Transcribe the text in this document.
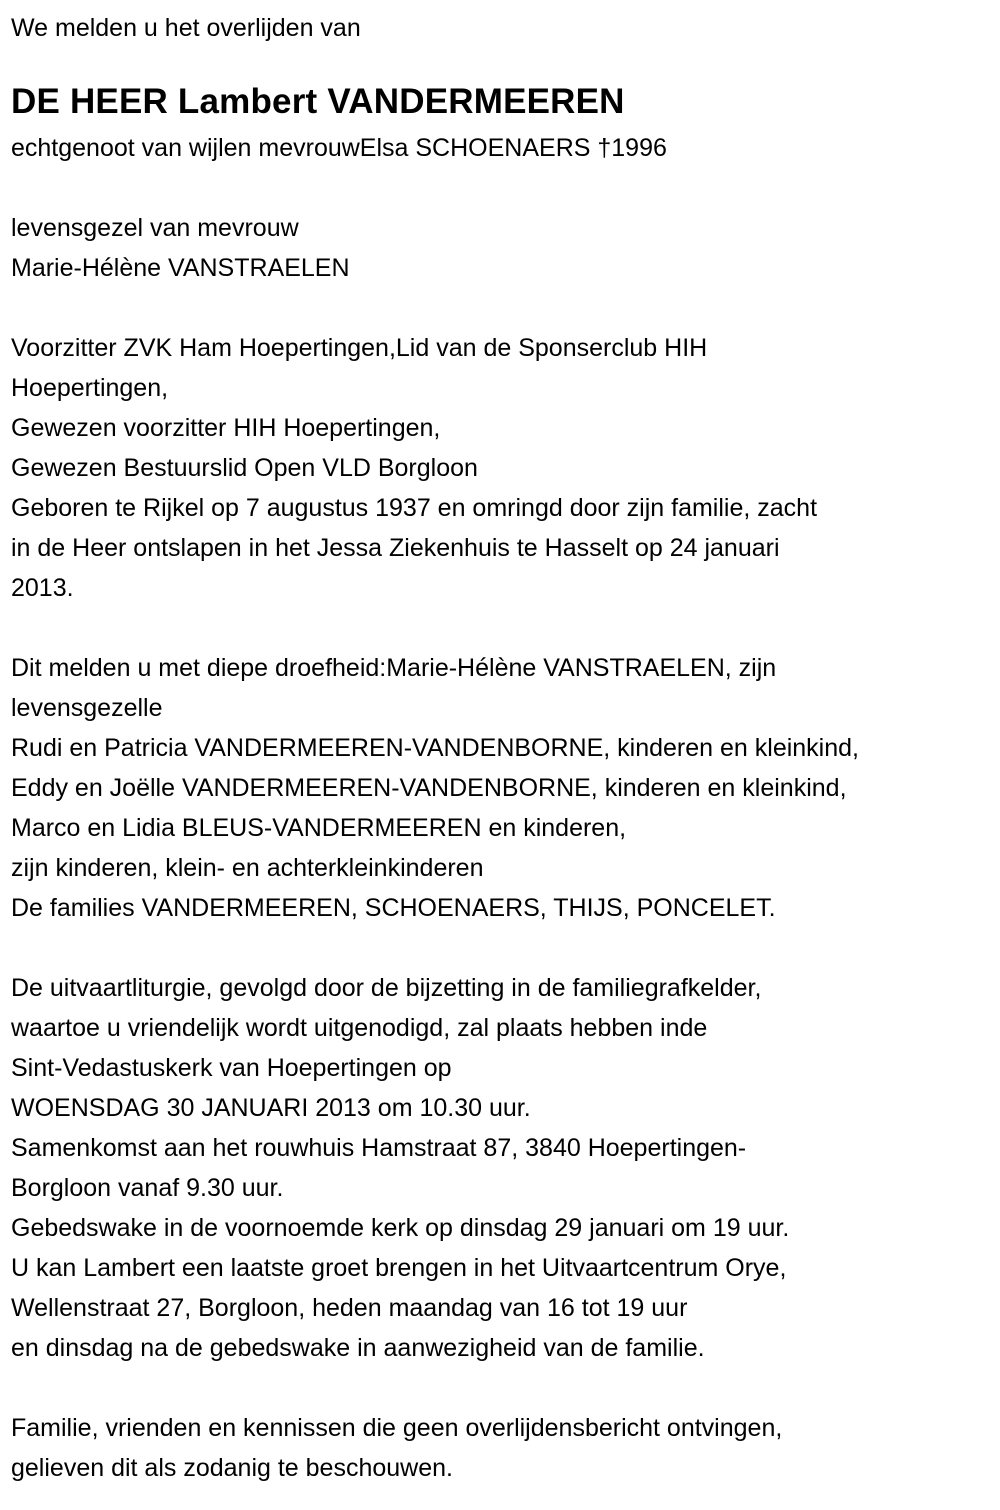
We melden u het overlijden van
DE HEER Lambert VANDERMEEREN
echtgenoot van wijlen mevrouwElsa SCHOENAERS †1996
levensgezel van mevrouw
Marie-Hélène VANSTRAELEN
Voorzitter ZVK Ham Hoepertingen,Lid van de Sponserclub HIH
Hoepertingen,
Gewezen voorzitter HIH Hoepertingen,
Gewezen Bestuurslid Open VLD Borgloon
Geboren te Rijkel op 7 augustus 1937 en omringd door zijn familie, zacht
in de Heer ontslapen in het Jessa Ziekenhuis te Hasselt op 24 januari
2013.
Dit melden u met diepe droefheid:Marie-Hélène VANSTRAELEN, zijn
levensgezelle
Rudi en Patricia VANDERMEEREN-VANDENBORNE, kinderen en kleinkind,
Eddy en Joëlle VANDERMEEREN-VANDENBORNE, kinderen en kleinkind,
Marco en Lidia BLEUS-VANDERMEEREN en kinderen,
zijn kinderen, klein- en achterkleinkinderen
De families VANDERMEEREN, SCHOENAERS, THIJS, PONCELET.
De uitvaartliturgie, gevolgd door de bijzetting in de familiegrafkelder,
waartoe u vriendelijk wordt uitgenodigd, zal plaats hebben inde
Sint-Vedastuskerk van Hoepertingen op
WOENSDAG 30 JANUARI 2013 om 10.30 uur.
Samenkomst aan het rouwhuis Hamstraat 87, 3840 Hoepertingen-
Borgloon vanaf 9.30 uur.
Gebedswake in de voornoemde kerk op dinsdag 29 januari om 19 uur.
U kan Lambert een laatste groet brengen in het Uitvaartcentrum Orye,
Wellenstraat 27, Borgloon, heden maandag van 16 tot 19 uur
en dinsdag na de gebedswake in aanwezigheid van de familie.
Familie, vrienden en kennissen die geen overlijdensbericht ontvingen,
gelieven dit als zodanig te beschouwen.
